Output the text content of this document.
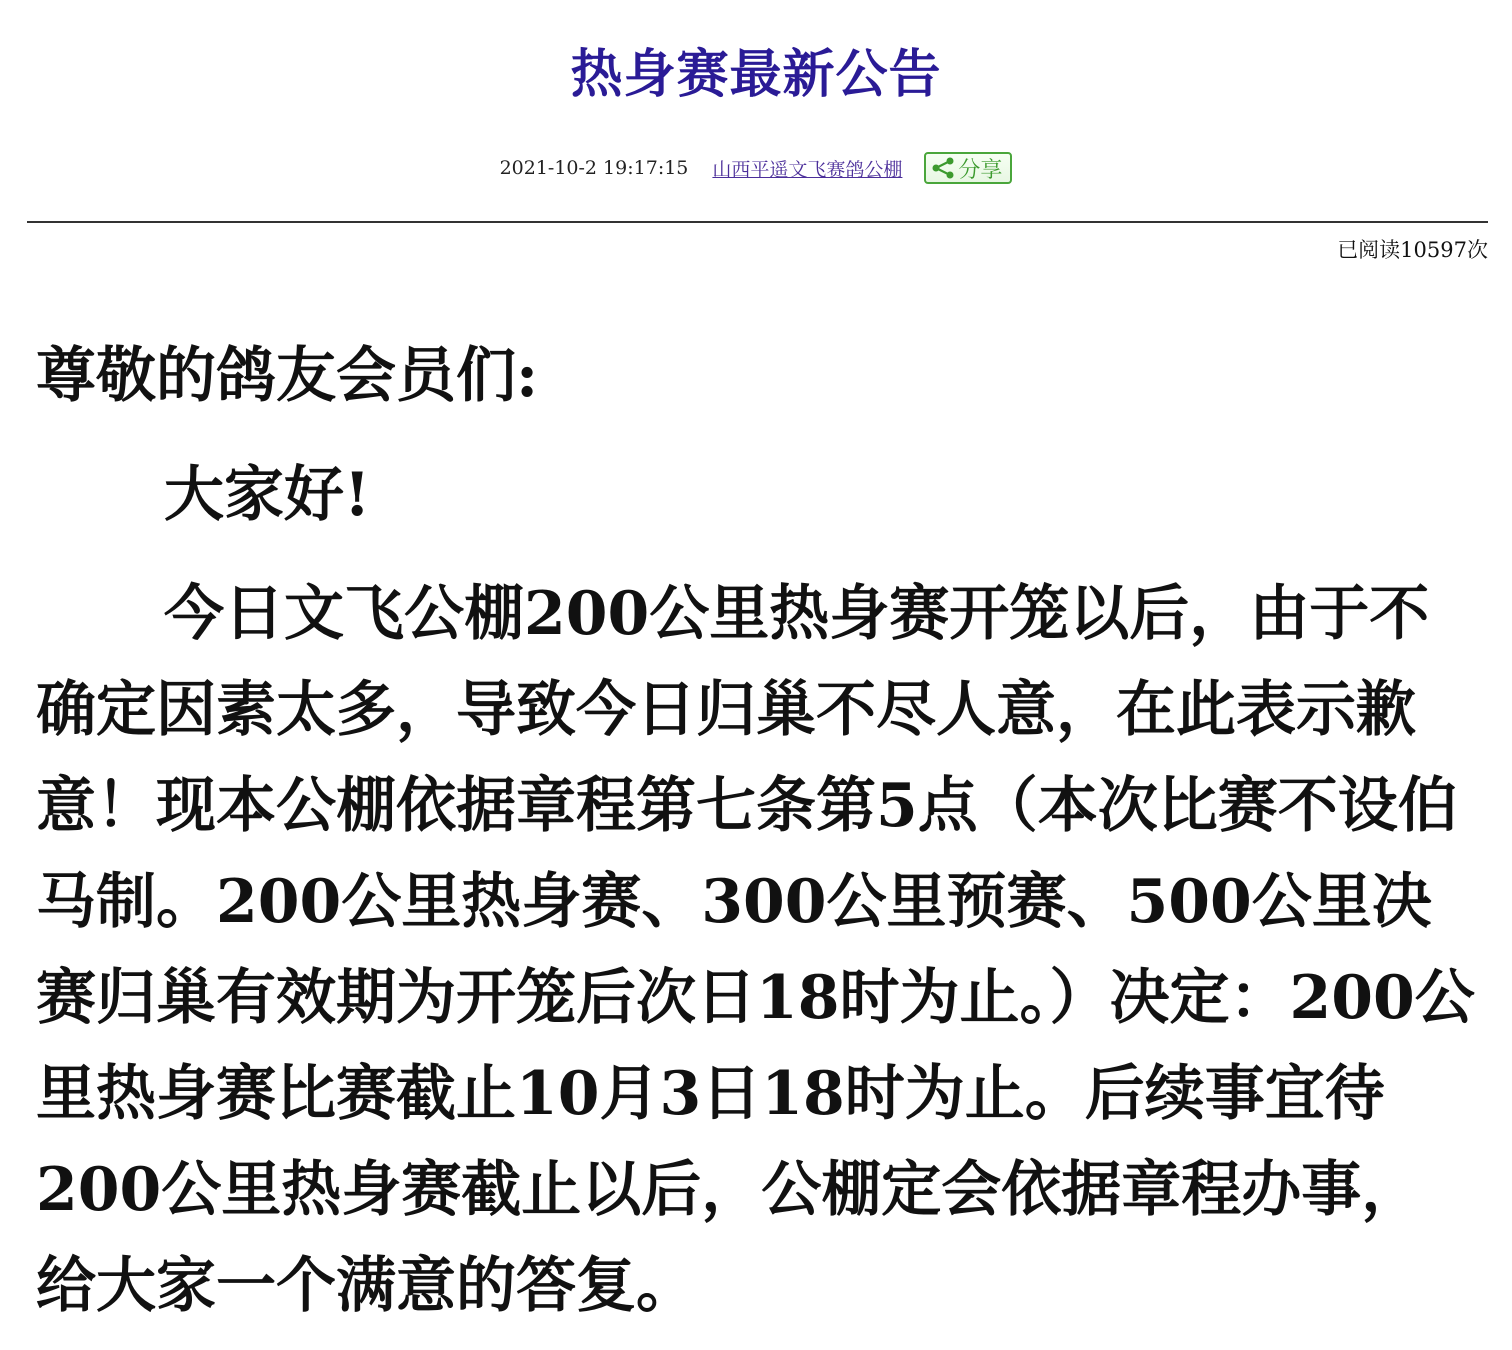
热身赛最新公告
2021-10-2 19:17:15 山西平遥文飞赛鸽公棚	分享
已阅读10597次

尊敬的鸽友会员们:

大家好!

今日文飞公棚200公里热身赛开笼以后，由于不确定因素太多，导致今日归巢不尽人意，在此表示歉意！现本公棚依据章程第七条第5点（本次比赛不设伯马制。200公里热身赛、300公里预赛、500公里决赛归巢有效期为开笼后次日18时为止。）决定：200公里热身赛比赛截止10月3日18时为止。后续事宜待200公里热身赛截止以后，公棚定会依据章程办事，给大家一个满意的答复。
